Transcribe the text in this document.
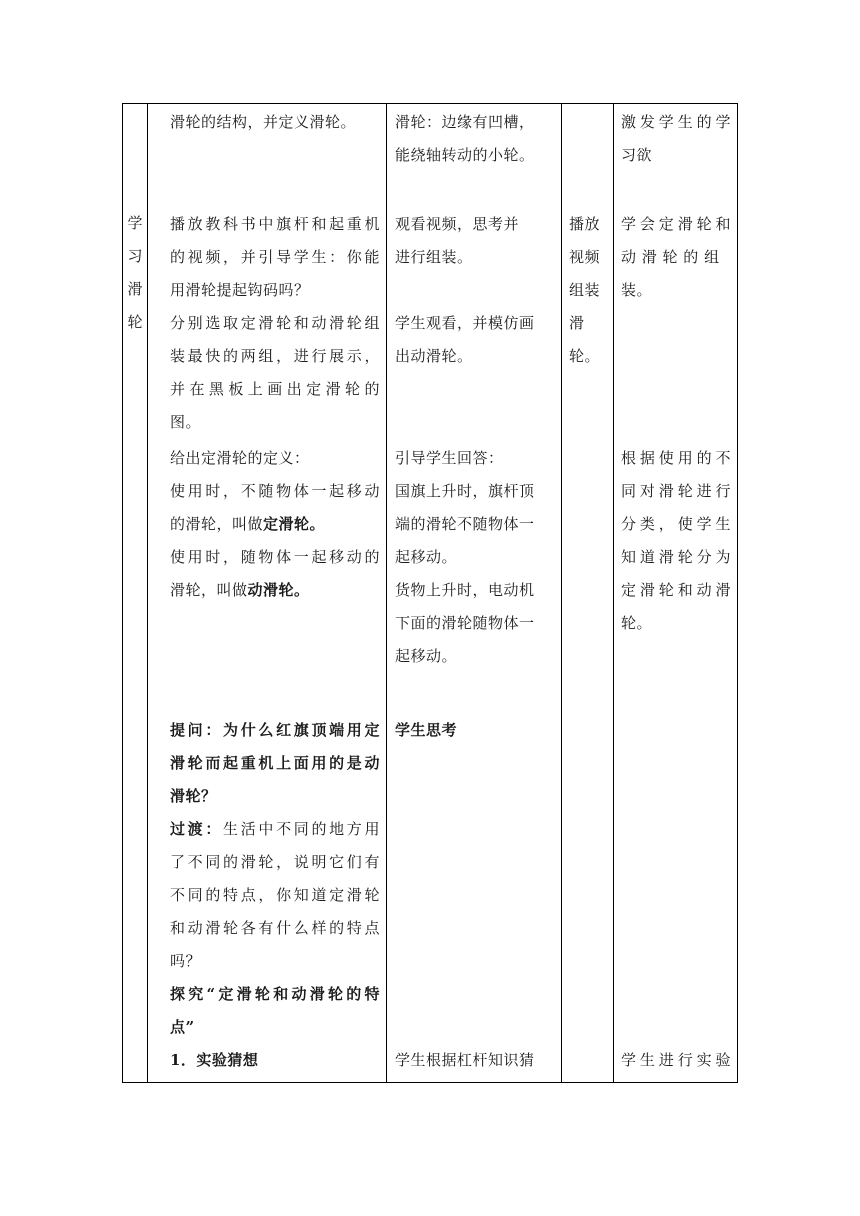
学
习
滑
轮

滑轮的结构，并定义滑轮。

播放教科书中旗杆和起重机

的视频，并引导学生：你能

用滑轮提起钩码吗？

分别选取定滑轮和动滑轮组

装最快的两组，进行展示，

并在黑板上画出定滑轮的

图。

给出定滑轮的定义：

使用时，不随物体一起移动

的滑轮，叫做定滑轮。

使用时，随物体一起移动的

滑轮，叫做动滑轮。

提问：为什么红旗顶端用定

滑轮而起重机上面用的是动

滑轮？

过渡：生活中不同的地方用

了不同的滑轮，说明它们有

不同的特点，你知道定滑轮

和动滑轮各有什么样的特点

吗？

探究“定滑轮和动滑轮的特

点”

1．实验猜想

滑轮：边缘有凹槽，

能绕轴转动的小轮。

观看视频，思考并

进行组装。

学生观看，并模仿画

出动滑轮。

引导学生回答：

国旗上升时，旗杆顶

端的滑轮不随物体一

起移动。

货物上升时，电动机

下面的滑轮随物体一

起移动。

学生思考

学生根据杠杆知识猜

播放

视频

组装

滑

轮。

激发学生的学

习欲

学会定滑轮和

动 滑 轮 的 组

装。

根据使用的不

同对滑轮进行

分类，使学生

知道滑轮分为

定滑轮和动滑

轮。

学生进行实验
